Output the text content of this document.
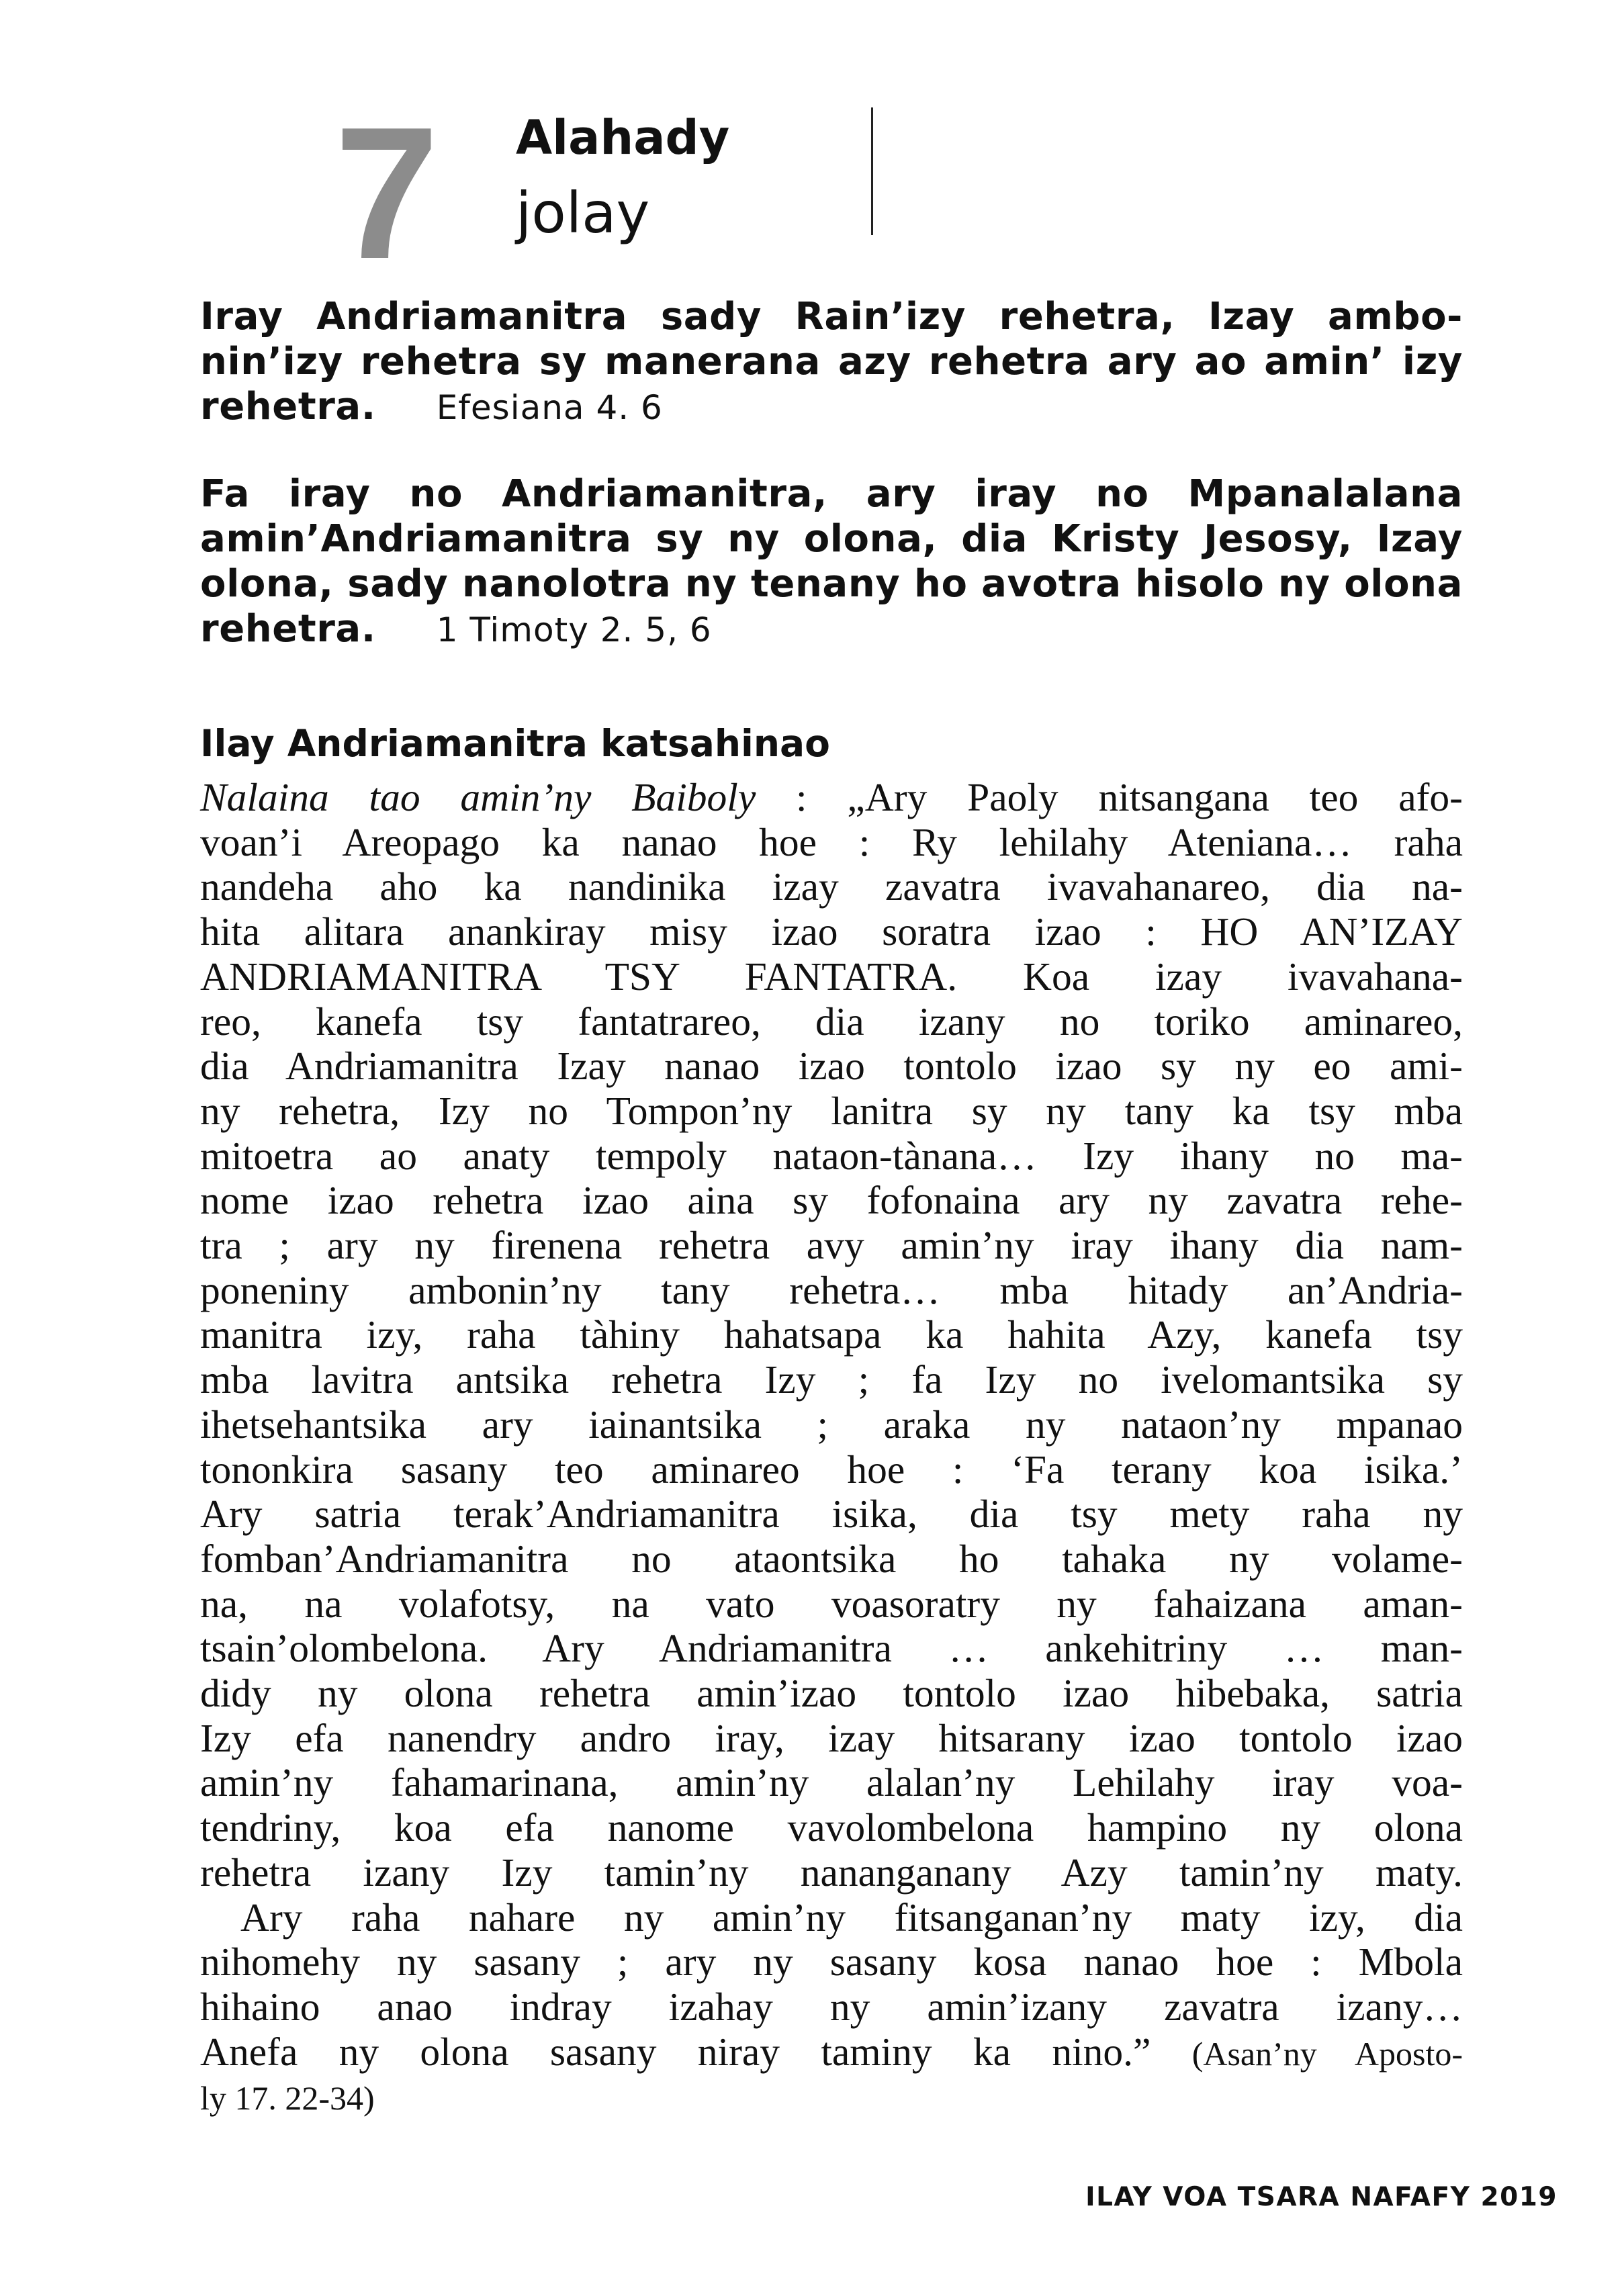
7 Alahady
jolay
Iray Andriamanitra sady Rain’izy rehetra, Izay ambo-nin’izy rehetra sy manerana azy rehetra ary ao amin’ izy rehetra. Efesiana 4. 6
Fa iray no Andriamanitra, ary iray no Mpanalalana amin’Andriamanitra sy ny olona, dia Kristy Jesosy, Izay olona, sady nanolotra ny tenany ho avotra hisolo ny olona rehetra. 1 Timoty 2. 5, 6
Ilay Andriamanitra katsahinao
Nalaina tao amin’ny Baiboly : „Ary Paoly nitsangana teo afo-
voan’i Areopago ka nanao hoe : Ry lehilahy Ateniana… raha
nandeha aho ka nandinika izay zavatra ivavahanareo, dia na-
hita alitara anankiray misy izao soratra izao : HO AN’IZAY
ANDRIAMANITRA TSY FANTATRA. Koa izay ivavahana-
reo, kanefa tsy fantatrareo, dia izany no toriko aminareo,
dia Andriamanitra Izay nanao izao tontolo izao sy ny eo ami-
ny rehetra, Izy no Tompon’ny lanitra sy ny tany ka tsy mba
mitoetra ao anaty tempoly nataon-tànana… Izy ihany no ma-
nome izao rehetra izao aina sy fofonaina ary ny zavatra rehe-
tra ; ary ny firenena rehetra avy amin’ny iray ihany dia nam-
poneniny ambonin’ny tany rehetra… mba hitady an’Andria-
manitra izy, raha tàhiny hahatsapa ka hahita Azy, kanefa tsy
mba lavitra antsika rehetra Izy ; fa Izy no ivelomantsika sy
ihetsehantsika ary iainantsika ; araka ny nataon’ny mpanao
tononkira sasany teo aminareo hoe : ‘Fa terany koa isika.’
Ary satria terak’Andriamanitra isika, dia tsy mety raha ny
fomban’Andriamanitra no ataontsika ho tahaka ny volame-
na, na volafotsy, na vato voasoratry ny fahaizana aman-
tsain’olombelona. Ary Andriamanitra … ankehitriny … man-
didy ny olona rehetra amin’izao tontolo izao hibebaka, satria
Izy efa nanendry andro iray, izay hitsarany izao tontolo izao
amin’ny fahamarinana, amin’ny alalan’ny Lehilahy iray voa-
tendriny, koa efa nanome vavolombelona hampino ny olona
rehetra izany Izy tamin’ny nananganany Azy tamin’ny maty.
Ary raha nahare ny amin’ny fitsanganan’ny maty izy, dia
nihomehy ny sasany ; ary ny sasany kosa nanao hoe : Mbola
hihaino anao indray izahay ny amin’izany zavatra izany…
Anefa ny olona sasany niray taminy ka nino.” (Asan’ny Aposto-
ly 17. 22-34)
ILAY VOA TSARA NAFAFY 2019
